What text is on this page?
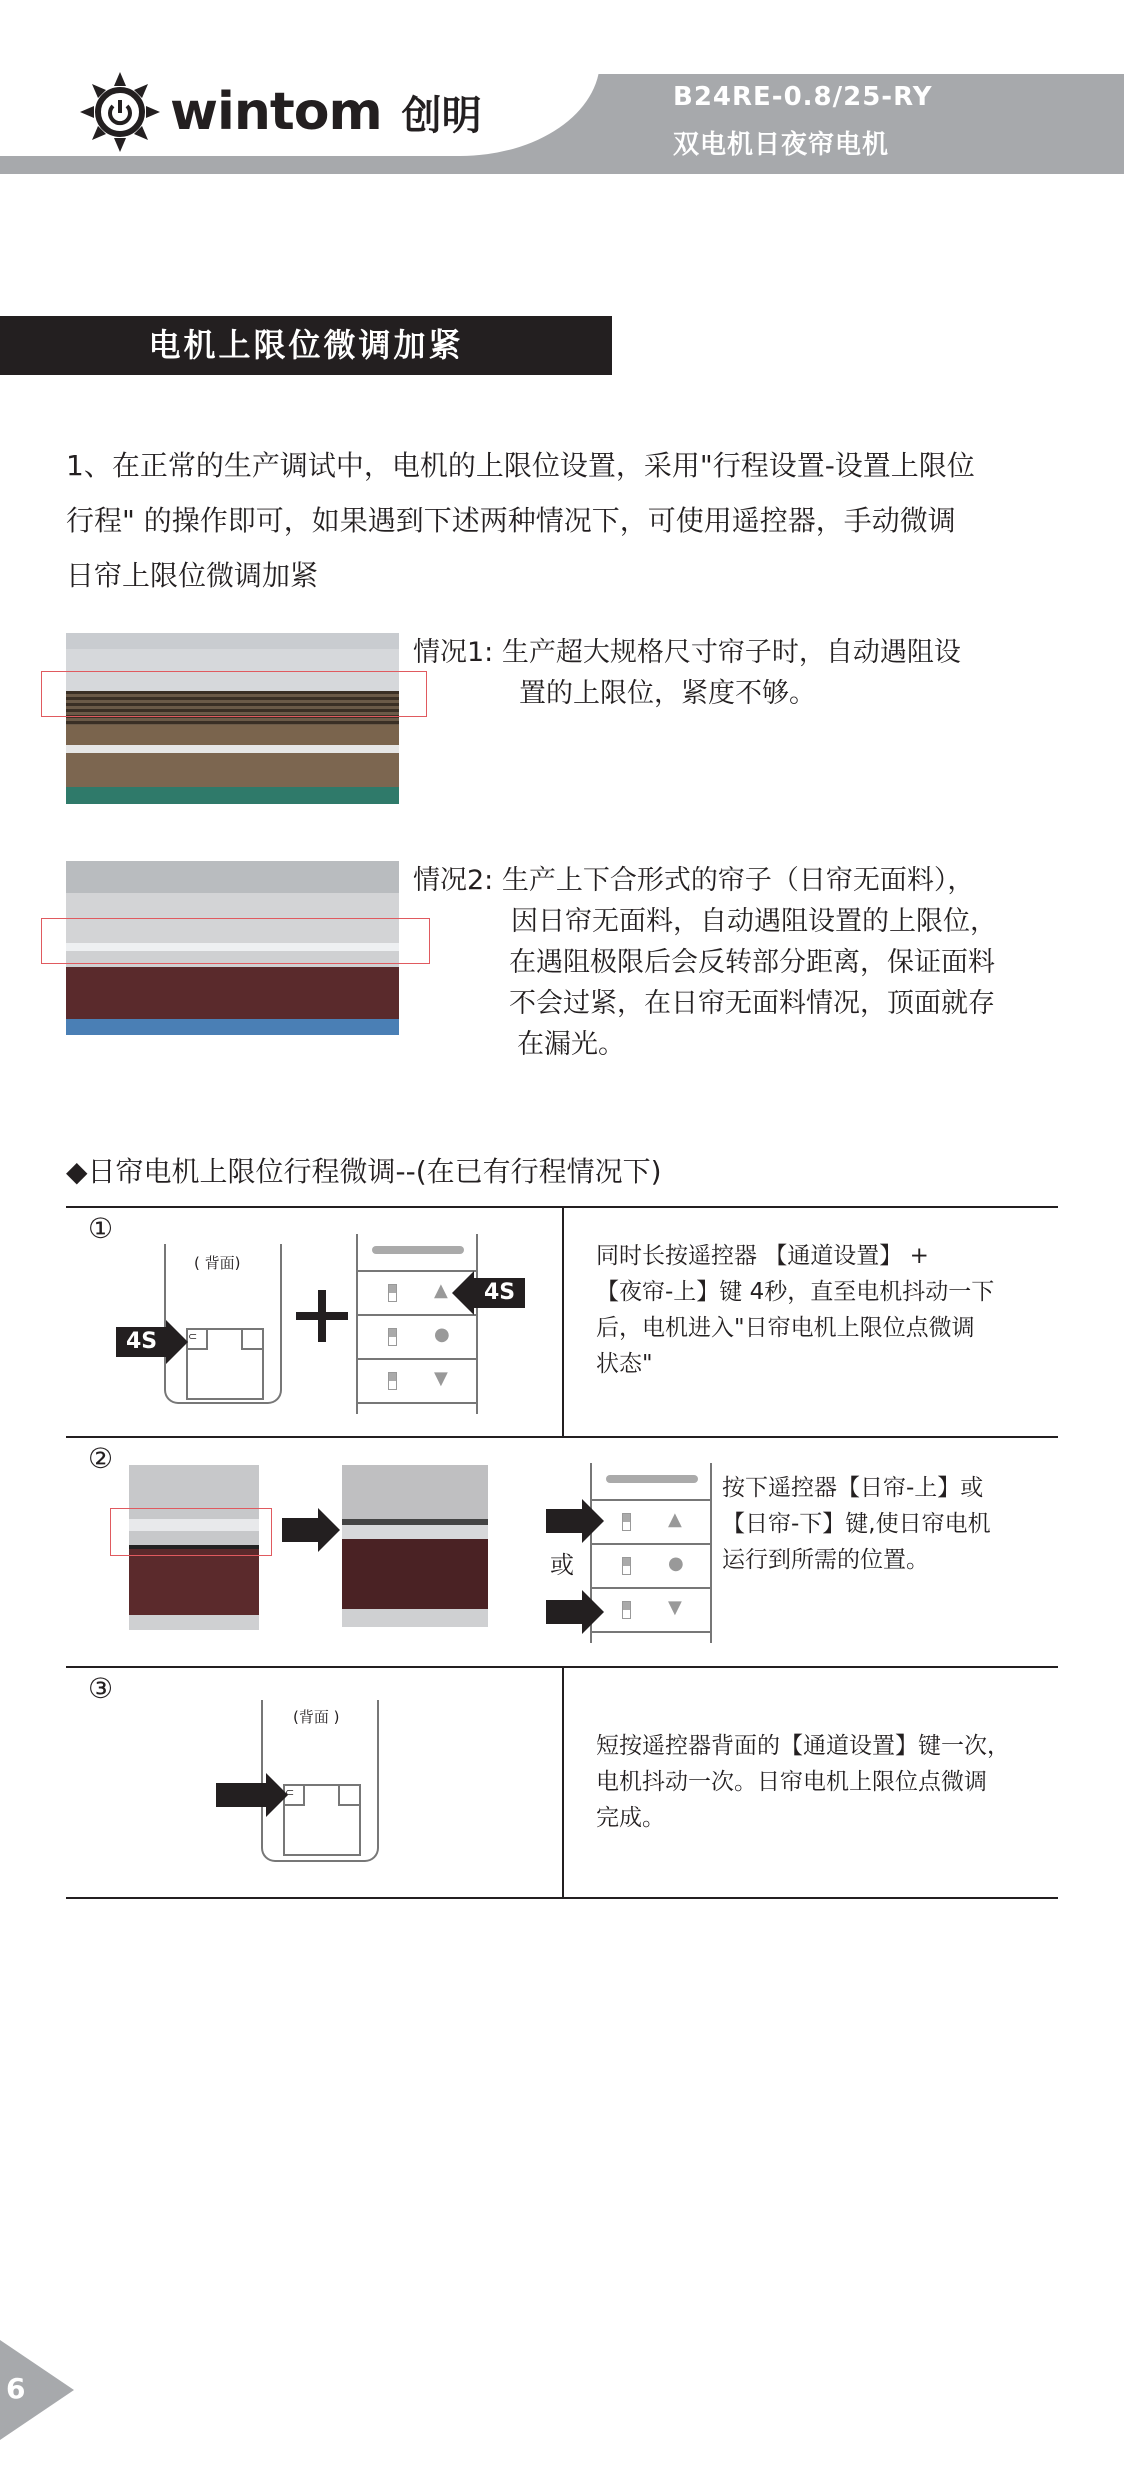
wintom 创明	B24RE-0.8/25-RY
双电机日夜帘电机
电机上限位微调加紧
1、在正常的生产调试中，电机的上限位设置，采用"行程设置-设置上限位
行程" 的操作即可，如果遇到下述两种情况下，可使用遥控器，手动微调
日帘上限位微调加紧
情况1: 生产超大规格尺寸帘子时，自动遇阻设
置的上限位，紧度不够。
情况2: 生产上下合形式的帘子（日帘无面料），
因日帘无面料，自动遇阻设置的上限位，
在遇阻极限后会反转部分距离，保证面料
不会过紧，在日帘无面料情况，顶面就存
在漏光。
◆日帘电机上限位行程微调--(在已有行程情况下)
①
( 背面)
⊂
4S
▲
●
▼
4S
同时长按遥控器 【通道设置】 +
【夜帘-上】键 4秒，直至电机抖动一下
后，电机进入"日帘电机上限位点微调
状态"
②
▲
●
▼
或
按下遥控器【日帘-上】或
【日帘-下】键,使日帘电机
运行到所需的位置。
③
(背面 )
⊂
短按遥控器背面的【通道设置】键一次，
电机抖动一次。日帘电机上限位点微调
完成。
6
